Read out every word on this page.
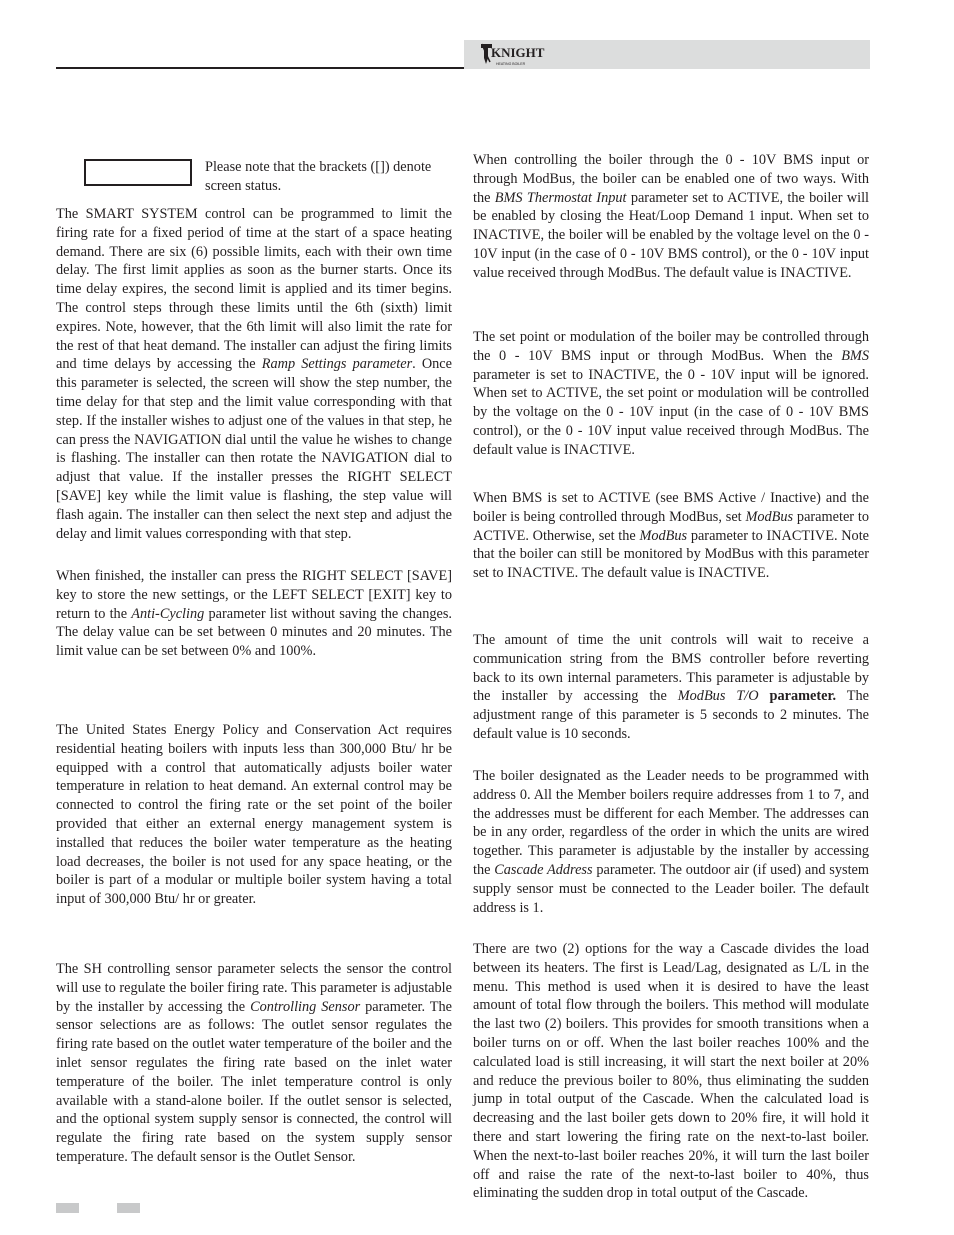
KNIGHT
HEATING BOILER
Please note that the brackets ([]) denote screen status.

The SMART SYSTEM control can be programmed to limit the firing rate for a fixed period of time at the start of a space heating demand. There are six (6) possible limits, each with their own time delay. The first limit applies as soon as the burner starts. Once its time delay expires, the second limit is applied and its timer begins. The control steps through these limits until the 6th (sixth) limit expires. Note, however, that the 6th limit will also limit the rate for the rest of that heat demand. The installer can adjust the firing limits and time delays by accessing the Ramp Settings parameter. Once this parameter is selected, the screen will show the step number, the time delay for that step and the limit value corresponding with that step. If the installer wishes to adjust one of the values in that step, he can press the NAVIGATION dial until the value he wishes to change is flashing. The installer can then rotate the NAVIGATION dial to adjust that value. If the installer presses the RIGHT SELECT [SAVE] key while the limit value is flashing, the step value will flash again. The installer can then select the next step and adjust the delay and limit values corresponding with that step.

When finished, the installer can press the RIGHT SELECT [SAVE] key to store the new settings, or the LEFT SELECT [EXIT] key to return to the Anti-Cycling parameter list without saving the changes. The delay value can be set between 0 minutes and 20 minutes. The limit value can be set between 0% and 100%.

The United States Energy Policy and Conservation Act requires residential heating boilers with inputs less than 300,000 Btu/ hr be equipped with a control that automatically adjusts boiler water temperature in relation to heat demand. An external control may be connected to control the firing rate or the set point of the boiler provided that either an external energy management system is installed that reduces the boiler water temperature as the heating load decreases, the boiler is not used for any space heating, or the boiler is part of a modular or multiple boiler system having a total input of 300,000 Btu/ hr or greater.

The SH controlling sensor parameter selects the sensor the control will use to regulate the boiler firing rate. This parameter is adjustable by the installer by accessing the Controlling Sensor parameter. The sensor selections are as follows: The outlet sensor regulates the firing rate based on the outlet water temperature of the boiler and the inlet sensor regulates the firing rate based on the inlet water temperature of the boiler. The inlet temperature control is only available with a stand-alone boiler. If the outlet sensor is selected, and the optional system supply sensor is connected, the control will regulate the firing rate based on the system supply sensor temperature. The default sensor is the Outlet Sensor.

When controlling the boiler through the 0 - 10V BMS input or through ModBus, the boiler can be enabled one of two ways. With the BMS Thermostat Input parameter set to ACTIVE, the boiler will be enabled by closing the Heat/Loop Demand 1 input. When set to INACTIVE, the boiler will be enabled by the voltage level on the 0 - 10V input (in the case of 0 - 10V BMS control), or the 0 - 10V input value received through ModBus. The default value is INACTIVE.

The set point or modulation of the boiler may be controlled through the 0 - 10V BMS input or through ModBus. When the BMS parameter is set to INACTIVE, the 0 - 10V input will be ignored. When set to ACTIVE, the set point or modulation will be controlled by the voltage on the 0 - 10V input (in the case of 0 - 10V BMS control), or the 0 - 10V input value received through ModBus. The default value is INACTIVE.

When BMS is set to ACTIVE (see BMS Active / Inactive) and the boiler is being controlled through ModBus, set ModBus parameter to ACTIVE. Otherwise, set the ModBus parameter to INACTIVE. Note that the boiler can still be monitored by ModBus with this parameter set to INACTIVE. The default value is INACTIVE.

The amount of time the unit controls will wait to receive a communication string from the BMS controller before reverting back to its own internal parameters. This parameter is adjustable by the installer by accessing the ModBus T/O parameter. The adjustment range of this parameter is 5 seconds to 2 minutes. The default value is 10 seconds.

The boiler designated as the Leader needs to be programmed with address 0. All the Member boilers require addresses from 1 to 7, and the addresses must be different for each Member. The addresses can be in any order, regardless of the order in which the units are wired together. This parameter is adjustable by the installer by accessing the Cascade Address parameter. The outdoor air (if used) and system supply sensor must be connected to the Leader boiler. The default address is 1.

There are two (2) options for the way a Cascade divides the load between its heaters. The first is Lead/Lag, designated as L/L in the menu. This method is used when it is desired to have the least amount of total flow through the boilers. This method will modulate the last two (2) boilers. This provides for smooth transitions when a boiler turns on or off. When the last boiler reaches 100% and the calculated load is still increasing, it will start the next boiler at 20% and reduce the previous boiler to 80%, thus eliminating the sudden jump in total output of the Cascade. When the calculated load is decreasing and the last boiler gets down to 20% fire, it will hold it there and start lowering the firing rate on the next-to-last boiler. When the next-to-last boiler reaches 20%, it will turn the last boiler off and raise the rate of the next-to-last boiler to 40%, thus eliminating the sudden drop in total output of the Cascade.
